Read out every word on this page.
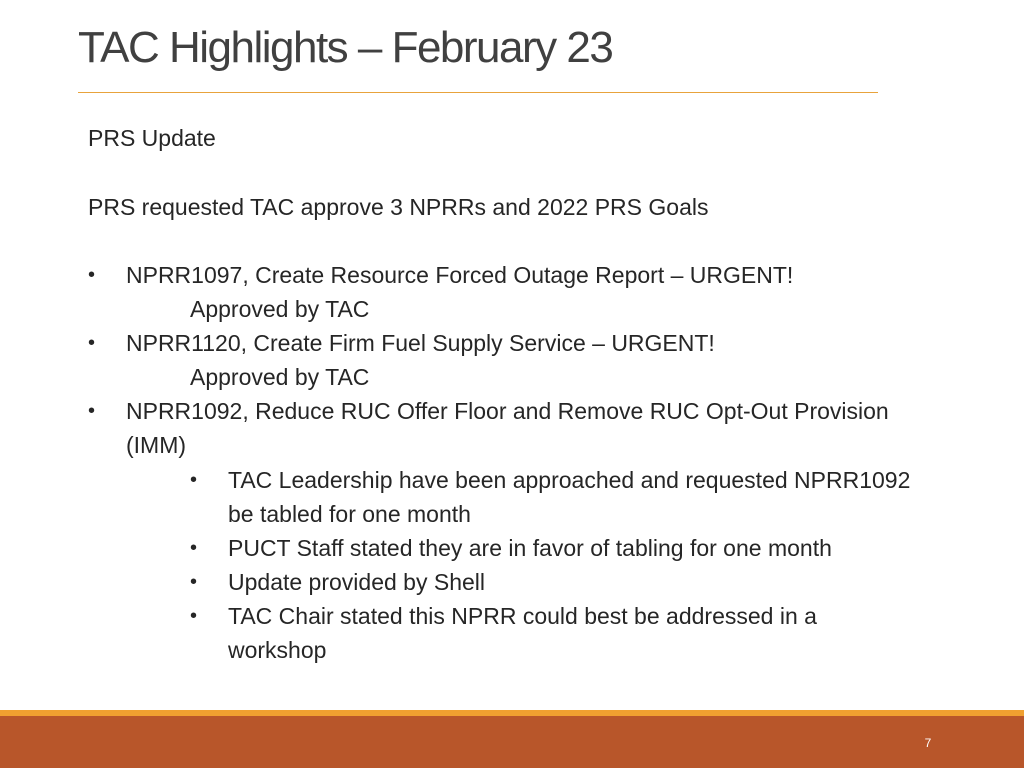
TAC Highlights – February 23
PRS Update
PRS requested TAC approve 3 NPRRs and 2022 PRS Goals
•	NPRR1097, Create Resource Forced Outage Report – URGENT!
Approved by TAC
•	NPRR1120, Create Firm Fuel Supply Service – URGENT!
Approved by TAC
•	NPRR1092, Reduce RUC Offer Floor and Remove RUC Opt-Out Provision
(IMM)
•	TAC Leadership have been approached and requested NPRR1092
be tabled for one month
•	PUCT Staff stated they are in favor of tabling for one month
•	Update provided by Shell
•	TAC Chair stated this NPRR could best be addressed in a
workshop
7
